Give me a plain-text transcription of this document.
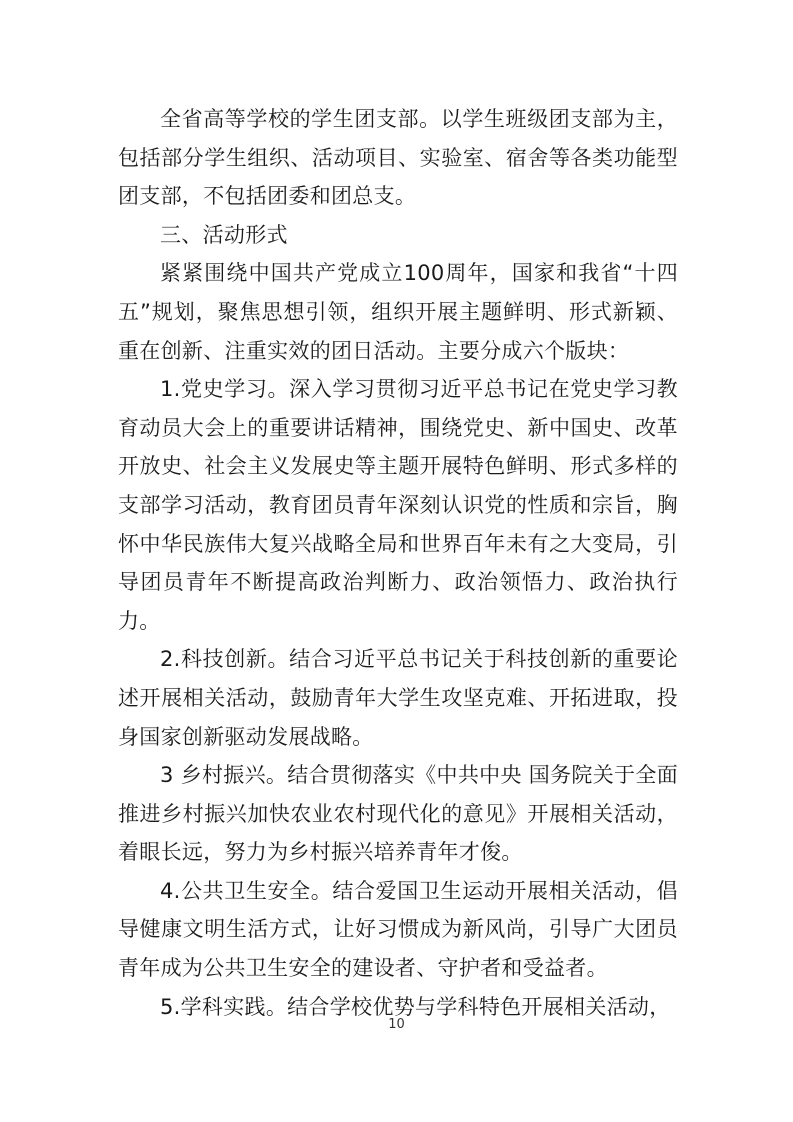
全省高等学校的学生团支部。以学生班级团支部为主，包括部分学生组织、活动项目、实验室、宿舍等各类功能型团支部，不包括团委和团总支。

三、活动形式

紧紧围绕中国共产党成立100周年，国家和我省“十四五”规划，聚焦思想引领，组织开展主题鲜明、形式新颖、重在创新、注重实效的团日活动。主要分成六个版块：

1.党史学习。深入学习贯彻习近平总书记在党史学习教育动员大会上的重要讲话精神，围绕党史、新中国史、改革开放史、社会主义发展史等主题开展特色鲜明、形式多样的支部学习活动，教育团员青年深刻认识党的性质和宗旨，胸怀中华民族伟大复兴战略全局和世界百年未有之大变局，引导团员青年不断提高政治判断力、政治领悟力、政治执行力。

2.科技创新。结合习近平总书记关于科技创新的重要论述开展相关活动，鼓励青年大学生攻坚克难、开拓进取，投身国家创新驱动发展战略。

3 乡村振兴。结合贯彻落实《中共中央 国务院关于全面推进乡村振兴加快农业农村现代化的意见》开展相关活动，着眼长远，努力为乡村振兴培养青年才俊。

4.公共卫生安全。结合爱国卫生运动开展相关活动，倡导健康文明生活方式，让好习惯成为新风尚，引导广大团员青年成为公共卫生安全的建设者、守护者和受益者。

5.学科实践。结合学校优势与学科特色开展相关活动，

10
